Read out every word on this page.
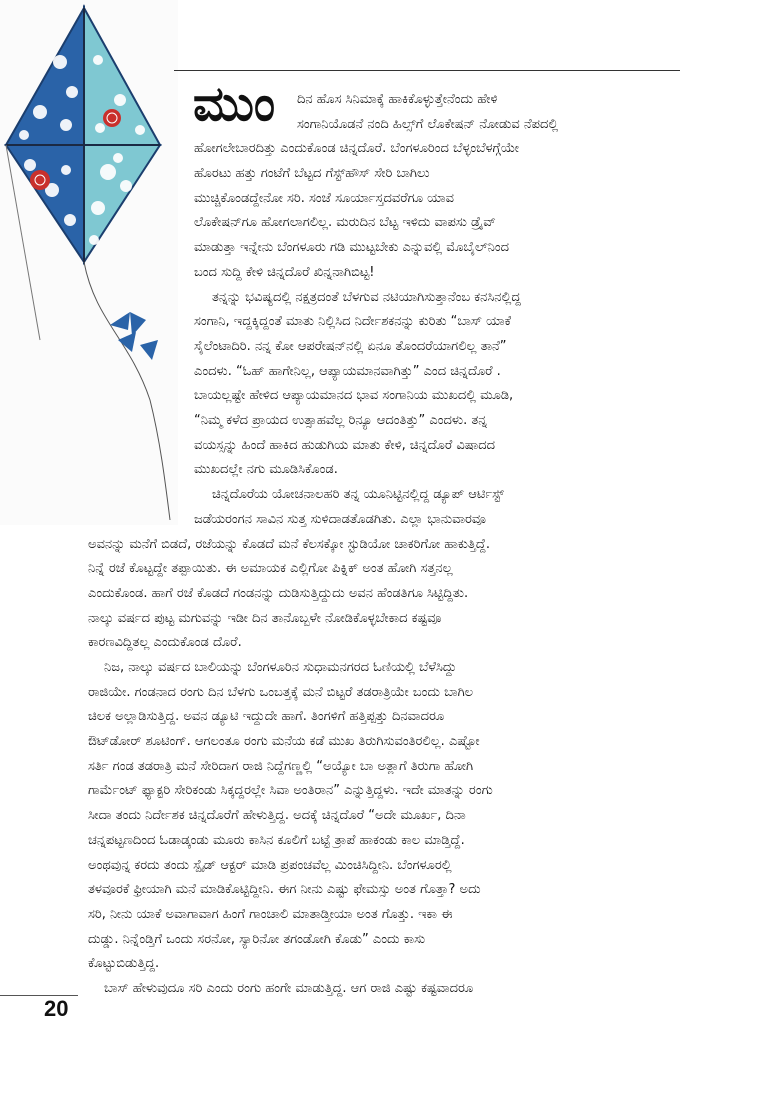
ಮುಂ ದಿನ ಹೊಸ ಸಿನಿಮಾಕ್ಕೆ ಹಾಕಿಕೊಳ್ಳುತ್ತೇನೆಂದು ಹೇಳಿ
ಸಂಗಾನಿಯೊಡನೆ ನಂದಿ ಹಿಲ್ಸ್‌ಗೆ ಲೊಕೇಷನ್ ನೋಡುವ ನೆಪದಲ್ಲಿ
ಹೋಗಲೇಬಾರದಿತ್ತು ಎಂದುಕೊಂಡ ಚಿನ್ನದೊರೆ. ಬೆಂಗಳೂರಿಂದ ಬೆಳ್ಳಂಬೆಳಗ್ಗೆಯೇ
ಹೊರಟು ಹತ್ತು ಗಂಟೆಗೆ ಬೆಟ್ಟದ ಗೆಸ್ಟ್‌ಹೌಸ್ ಸೇರಿ ಬಾಗಿಲು
ಮುಚ್ಚಿಕೊಂಡದ್ದೇನೋ ಸರಿ. ಸಂಜೆ ಸೂರ್ಯಾಸ್ತದವರೆಗೂ ಯಾವ
ಲೊಕೇಷನ್‌ಗೂ ಹೋಗಲಾಗಲಿಲ್ಲ. ಮರುದಿನ ಬೆಟ್ಟ ಇಳಿದು ವಾಪಸು ಡ್ರೈವ್
ಮಾಡುತ್ತಾ ಇನ್ನೇನು ಬೆಂಗಳೂರು ಗಡಿ ಮುಟ್ಟಬೇಕು ಎನ್ನುವಲ್ಲಿ ಮೊಬೈಲ್‌ನಿಂದ
ಬಂದ ಸುದ್ದಿ ಕೇಳಿ ಚಿನ್ನದೊರೆ ಖಿನ್ನನಾಗಿಬಿಟ್ಟ!
ತನ್ನನ್ನು ಭವಿಷ್ಯದಲ್ಲಿ ನಕ್ಷತ್ರದಂತೆ ಬೆಳಗುವ ನಟಿಯಾಗಿಸುತ್ತಾನೆಂಬ ಕನಸಿನಲ್ಲಿದ್ದ
ಸಂಗಾನಿ, ಇದ್ದಕ್ಕಿದ್ದಂತೆ ಮಾತು ನಿಲ್ಲಿಸಿದ ನಿರ್ದೇಶಕನನ್ನು ಕುರಿತು “ಬಾಸ್ ಯಾಕೆ
ಸೈಲೆಂಟಾದಿರಿ. ನನ್ನ ಕೋ ಆಪರೇಷನ್‌ನಲ್ಲಿ ಏನೂ ತೊಂದರೆಯಾಗಲಿಲ್ಲ ತಾನೆ”
ಎಂದಳು. “ಓಹ್ ಹಾಗೇನಿಲ್ಲ, ಆಪ್ಯಾಯಮಾನವಾಗಿತ್ತು” ಎಂದ ಚಿನ್ನದೊರೆ .
ಬಾಯಲ್ಲಷ್ಟೇ ಹೇಳಿದ ಆಪ್ಯಾಯಮಾನದ ಭಾವ ಸಂಗಾನಿಯ ಮುಖದಲ್ಲಿ ಮೂಡಿ,
“ನಿಮ್ಮ ಕಳೆದ ಪ್ರಾಯದ ಉತ್ಸಾಹವೆಲ್ಲ ರಿನ್ಯೂ ಆದಂತಿತ್ತು” ಎಂದಳು. ತನ್ನ
ವಯಸ್ಸನ್ನು ಹಿಂದೆ ಹಾಕಿದ ಹುಡುಗಿಯ ಮಾತು ಕೇಳಿ, ಚಿನ್ನದೊರೆ ವಿಷಾದದ
ಮುಖದಲ್ಲೇ ನಗು ಮೂಡಿಸಿಕೊಂಡ.
ಚಿನ್ನದೊರೆಯ ಯೋಚನಾಲಹರಿ ತನ್ನ ಯೂನಿಟ್ಟಿನಲ್ಲಿದ್ದ ಡ್ಯೂಪ್ ಆರ್ಟಿಸ್ಟ್
ಜಡೆಯರಂಗನ ಸಾವಿನ ಸುತ್ತ ಸುಳಿದಾಡತೊಡಗಿತು. ಎಲ್ಲಾ ಭಾನುವಾರವೂ
ಅವನನ್ನು ಮನೆಗೆ ಬಿಡದೆ, ರಜೆಯನ್ನು ಕೊಡದೆ ಮನೆ ಕೆಲಸಕ್ಕೋ ಸ್ಟುಡಿಯೋ ಚಾಕರಿಗೋ ಹಾಕುತ್ತಿದ್ದೆ.
ನಿನ್ನೆ ರಜೆ ಕೊಟ್ಟದ್ದೇ ತಪ್ಪಾಯಿತು. ಈ ಅಮಾಯಕ ಎಲ್ಲಿಗೋ ಪಿಕ್ನಿಕ್ ಅಂತ ಹೋಗಿ ಸತ್ತನಲ್ಲ
ಎಂದುಕೊಂಡ. ಹಾಗೆ ರಜೆ ಕೊಡದೆ ಗಂಡನನ್ನು ದುಡಿಸುತ್ತಿದ್ದುದು ಅವನ ಹೆಂಡತಿಗೂ ಸಿಟ್ಟಿದ್ದಿತು.
ನಾಲ್ಕು ವರ್ಷದ ಪುಟ್ಟ ಮಗುವನ್ನು ಇಡೀ ದಿನ ತಾನೊಬ್ಬಳೇ ನೋಡಿಕೊಳ್ಳಬೇಕಾದ ಕಷ್ಟವೂ
ಕಾರಣವಿದ್ದಿತಲ್ಲ ಎಂದುಕೊಂಡ ದೊರೆ.
ನಿಜ, ನಾಲ್ಕು ವರ್ಷದ ಬಾಲಿಯನ್ನು ಬೆಂಗಳೂರಿನ ಸುಧಾಮನಗರದ ಓಣಿಯಲ್ಲಿ ಬೆಳೆಸಿದ್ದು
ರಾಜಿಯೇ. ಗಂಡನಾದ ರಂಗು ದಿನ ಬೆಳಗು ಒಂಬತ್ತಕ್ಕೆ ಮನೆ ಬಿಟ್ಟರೆ ತಡರಾತ್ರಿಯೇ ಬಂದು ಬಾಗಿಲ
ಚಿಲಕ ಅಲ್ಲಾಡಿಸುತ್ತಿದ್ದ. ಅವನ ಡ್ಯೂಟಿ ಇದ್ದುದೇ ಹಾಗೆ. ತಿಂಗಳಿಗೆ ಹತ್ತಿಪ್ಪತ್ತು ದಿನವಾದರೂ
ಔಟ್‌ಡೋರ್ ಶೂಟಿಂಗ್. ಆಗಲಂತೂ ರಂಗು ಮನೆಯ ಕಡೆ ಮುಖ ತಿರುಗಿಸುವಂತಿರಲಿಲ್ಲ. ಎಷ್ಟೋ
ಸರ್ತಿ ಗಂಡ ತಡರಾತ್ರಿ ಮನೆ ಸೇರಿದಾಗ ರಾಜಿ ನಿದ್ದೆಗಣ್ಣಲ್ಲಿ “ಅಯ್ಯೋ ಬಾ ಅತ್ಲಾಗೆ ತಿರುಗಾ ಹೋಗಿ
ಗಾರ್ಮೆಂಟ್ ಫ್ಯಾಕ್ಟರಿ ಸೇರಿಕಂಡು ಸಿಕ್ಕದ್ದರಲ್ಲೇ ಸಿವಾ ಅಂತಿರಾನ” ಎನ್ನುತ್ತಿದ್ದಳು. ಇದೇ ಮಾತನ್ನು ರಂಗು
ಸೀದಾ ತಂದು ನಿರ್ದೇಶಕ ಚಿನ್ನದೊರೆಗೆ ಹೇಳುತ್ತಿದ್ದ. ಅದಕ್ಕೆ ಚಿನ್ನದೊರೆ “ಅದೇ ಮೂರ್ಖ, ದಿನಾ
ಚನ್ನಪಟ್ಟಣದಿಂದ ಓಡಾಡ್ಕಂಡು ಮೂರು ಕಾಸಿನ ಕೂಲಿಗೆ ಬಟ್ಟೆ ತ್ರಾಪೆ ಹಾಕಂಡು ಕಾಲ ಮಾಡ್ತಿದ್ದೆ.
ಅಂಥವುನ್ನ ಕರದು ತಂದು ಸ್ಪೈಡ್ ಆಕ್ಟರ್ ಮಾಡಿ ಪ್ರಪಂಚವೆಲ್ಲ ಮಿಂಚಿಸಿದ್ದೀನಿ. ಬೆಂಗಳೂರಲ್ಲಿ
ತಳವೂರಕೆ ಫ್ರೀಯಾಗಿ ಮನೆ ಮಾಡಿಕೊಟ್ಟಿದ್ದೀನಿ. ಈಗ ನೀನು ಎಷ್ಟು ಫೇಮಸ್ಸು ಅಂತ ಗೊತ್ತಾ? ಅದು
ಸರಿ, ನೀನು ಯಾಕೆ ಅವಾಗಾವಾಗ ಹಿಂಗೆ ಗಾಂಚಾಲಿ ಮಾತಾಡ್ತೀಯಾ ಅಂತ ಗೊತ್ತು. ಇಕಾ ಈ
ದುಡ್ಡು. ನಿನ್ನೆಂಡ್ತಿಗೆ ಒಂದು ಸರನೋ, ಸ್ಯಾರಿನೋ ತಗಂಡೋಗಿ ಕೊಡು” ಎಂದು ಕಾಸು
ಕೊಟ್ಟುಬಿಡುತ್ತಿದ್ದ.
ಬಾಸ್ ಹೇಳುವುದೂ ಸರಿ ಎಂದು ರಂಗು ಹಂಗೇ ಮಾಡುತ್ತಿದ್ದ. ಆಗ ರಾಜಿ ಎಷ್ಟು ಕಷ್ಟವಾದರೂ
20
